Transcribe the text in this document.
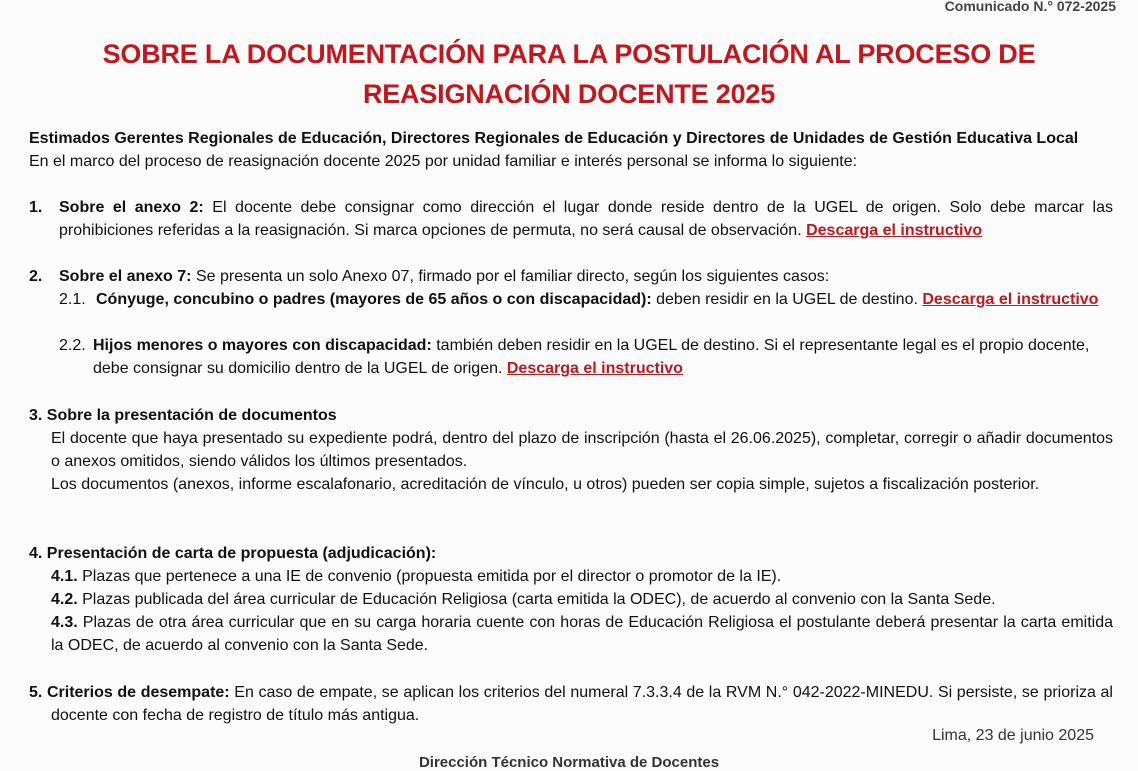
Comunicado N.° 072-2025
SOBRE LA DOCUMENTACIÓN PARA LA POSTULACIÓN AL PROCESO DE
REASIGNACIÓN DOCENTE 2025
Estimados Gerentes Regionales de Educación, Directores Regionales de Educación y Directores de Unidades de Gestión Educativa Local
En el marco del proceso de reasignación docente 2025 por unidad familiar e interés personal se informa lo siguiente:
1. Sobre el anexo 2: El docente debe consignar como dirección el lugar donde reside dentro de la UGEL de origen. Solo debe marcar las prohibiciones referidas a la reasignación. Si marca opciones de permuta, no será causal de observación. Descarga el instructivo
2. Sobre el anexo 7: Se presenta un solo Anexo 07, firmado por el familiar directo, según los siguientes casos:
2.1. Cónyuge, concubino o padres (mayores de 65 años o con discapacidad): deben residir en la UGEL de destino. Descarga el instructivo
2.2. Hijos menores o mayores con discapacidad: también deben residir en la UGEL de destino. Si el representante legal es el propio docente, debe consignar su domicilio dentro de la UGEL de origen. Descarga el instructivo
3. Sobre la presentación de documentos
El docente que haya presentado su expediente podrá, dentro del plazo de inscripción (hasta el 26.06.2025), completar, corregir o añadir documentos o anexos omitidos, siendo válidos los últimos presentados.
Los documentos (anexos, informe escalafonario, acreditación de vínculo, u otros) pueden ser copia simple, sujetos a fiscalización posterior.
4. Presentación de carta de propuesta (adjudicación):
4.1. Plazas que pertenece a una IE de convenio (propuesta emitida por el director o promotor de la IE).
4.2. Plazas publicada del área curricular de Educación Religiosa (carta emitida la ODEC), de acuerdo al convenio con la Santa Sede.
4.3. Plazas de otra área curricular que en su carga horaria cuente con horas de Educación Religiosa el postulante deberá presentar la carta emitida la ODEC, de acuerdo al convenio con la Santa Sede.
5. Criterios de desempate: En caso de empate, se aplican los criterios del numeral 7.3.3.4 de la RVM N.° 042-2022-MINEDU. Si persiste, se prioriza al docente con fecha de registro de título más antigua.
Lima, 23 de junio 2025
Dirección Técnico Normativa de Docentes
